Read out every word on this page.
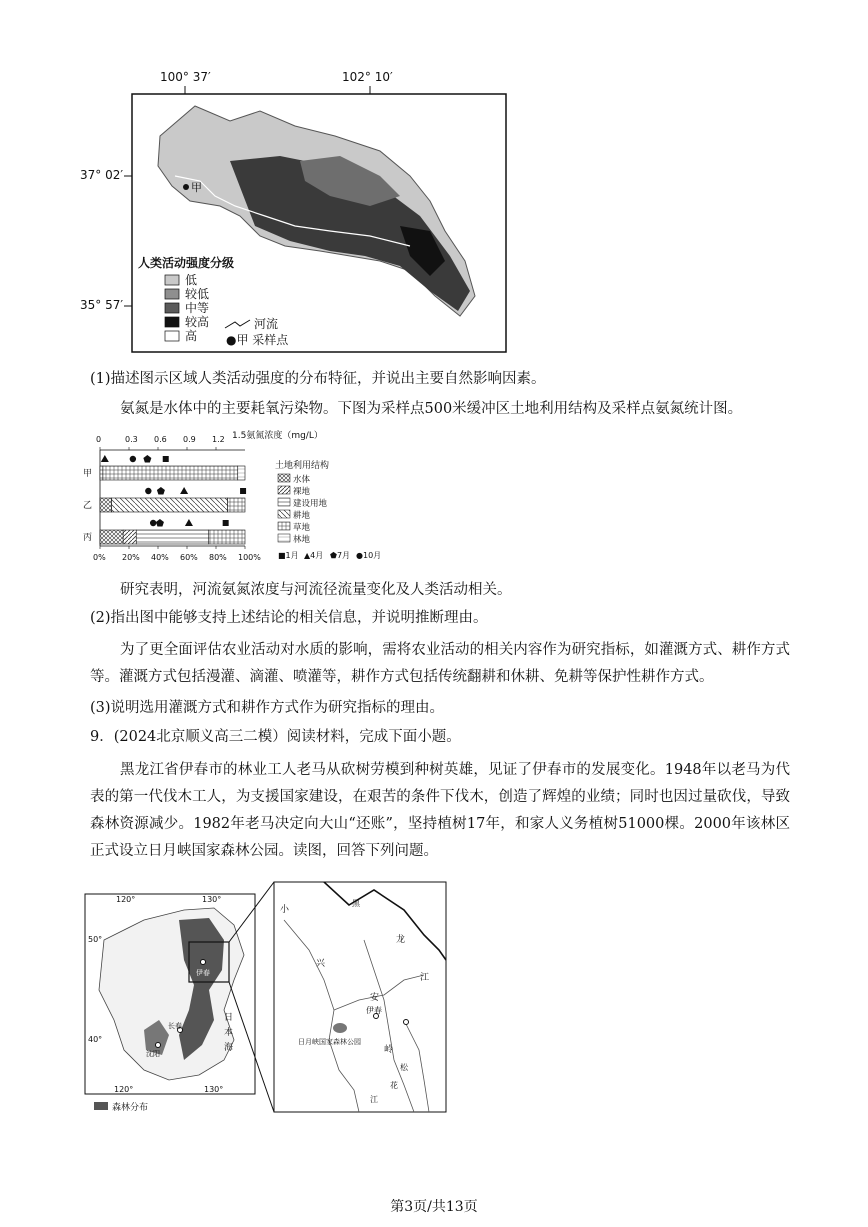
甲
人类活动强度分级
低
较低
中等
较高
高
河流
●甲 采样点
100° 37′	102° 10′
37° 02′
35° 57′
(1)描述图示区域人类活动强度的分布特征，并说出主要自然影响因素。
氨氮是水体中的主要耗氧污染物。下图为采样点500米缓冲区土地利用结构及采样点氨氮统计图。
0	0.3 0.6 0.9 1.2
0% 20% 40% 60% 80% 100%
甲
乙
丙
1.5氨氮浓度（mg/L）
土地利用结构
水体
裸地
建设用地
耕地
草地
林地
■1月 ▲4月 ⬟7月 ●10月
研究表明，河流氨氮浓度与河流径流量变化及人类活动相关。
(2)指出图中能够支持上述结论的相关信息，并说明推断理由。
为了更全面评估农业活动对水质的影响，需将农业活动的相关内容作为研究指标，如灌溉方式、耕作方式等。灌溉方式包括漫灌、滴灌、喷灌等，耕作方式包括传统翻耕和休耕、免耕等保护性耕作方式。
(3)说明选用灌溉方式和耕作方式作为研究指标的理由。
9．(2024北京顺义高三二模）阅读材料，完成下面小题。
黑龙江省伊春市的林业工人老马从砍树劳模到种树英雄，见证了伊春市的发展变化。1948年以老马为代表的第一代伐木工人，为支援国家建设，在艰苦的条件下伐木，创造了辉煌的业绩；同时也因过量砍伐，导致森林资源减少。1982年老马决定向大山“还账”，坚持植树17年，和家人义务植树51000棵。2000年该林区正式设立日月峡国家森林公园。读图，回答下列问题。
120°	130°
50°
40°
120°	130°
长春
沈阳
日
本
海
伊春
森林分布
小
兴
安
伊春
岭
黑
龙
江
松
花
江
日月峡国家森林公园
第3页/共13页
